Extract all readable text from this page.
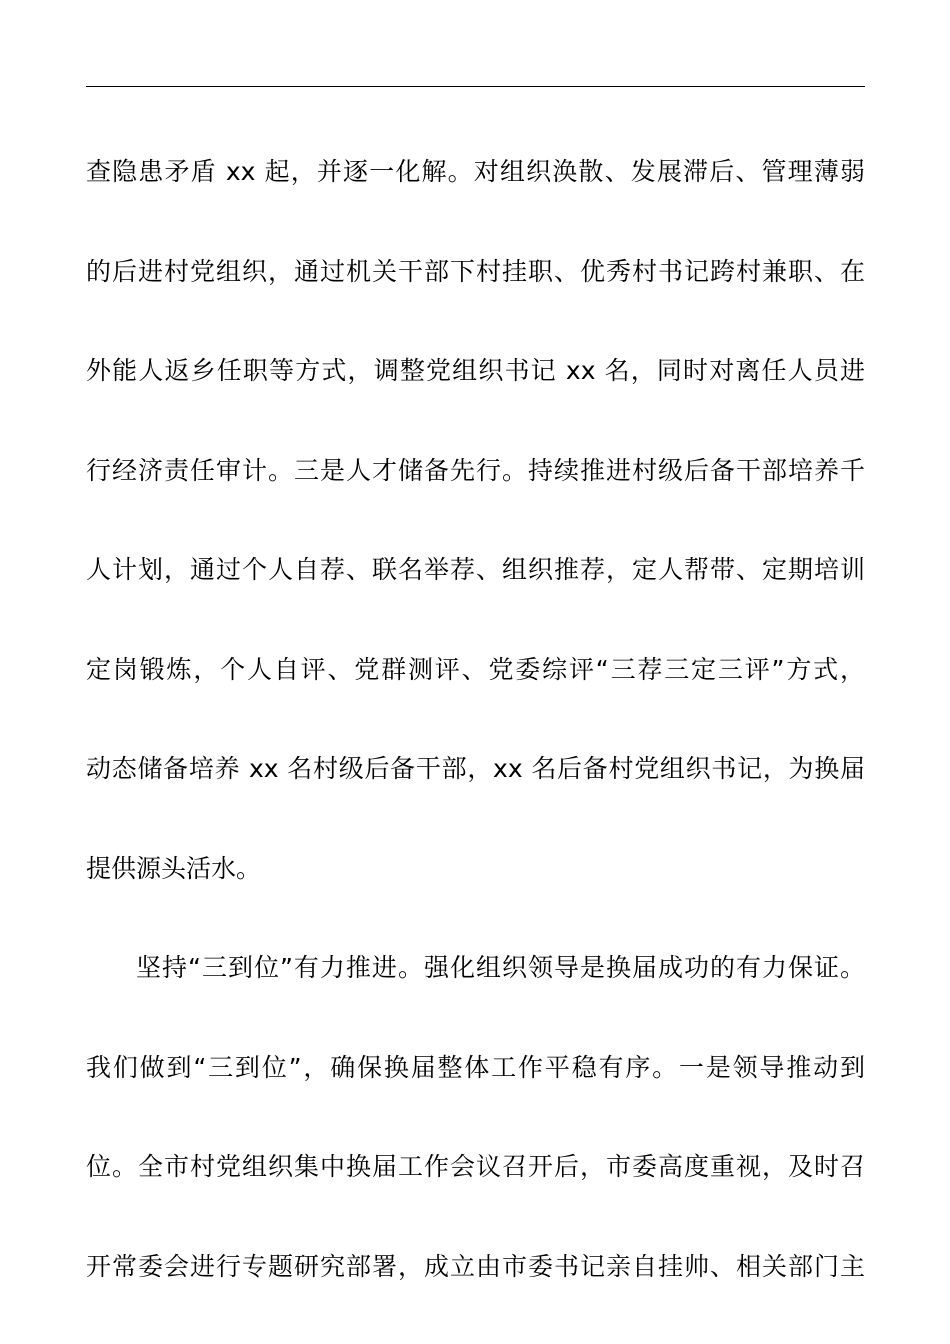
查隐患矛盾 xx 起，并逐一化解。对组织涣散、发展滞后、管理薄弱
的后进村党组织，通过机关干部下村挂职、优秀村书记跨村兼职、在
外能人返乡任职等方式，调整党组织书记 xx 名，同时对离任人员进
行经济责任审计。三是人才储备先行。持续推进村级后备干部培养千
人计划，通过个人自荐、联名举荐、组织推荐，定人帮带、定期培训
定岗锻炼，个人自评、党群测评、党委综评“三荐三定三评”方式，
动态储备培养 xx 名村级后备干部，xx 名后备村党组织书记，为换届
提供源头活水。
坚持“三到位”有力推进。强化组织领导是换届成功的有力保证。
我们做到“三到位”，确保换届整体工作平稳有序。一是领导推动到
位。全市村党组织集中换届工作会议召开后，市委高度重视，及时召
开常委会进行专题研究部署，成立由市委书记亲自挂帅、相关部门主
